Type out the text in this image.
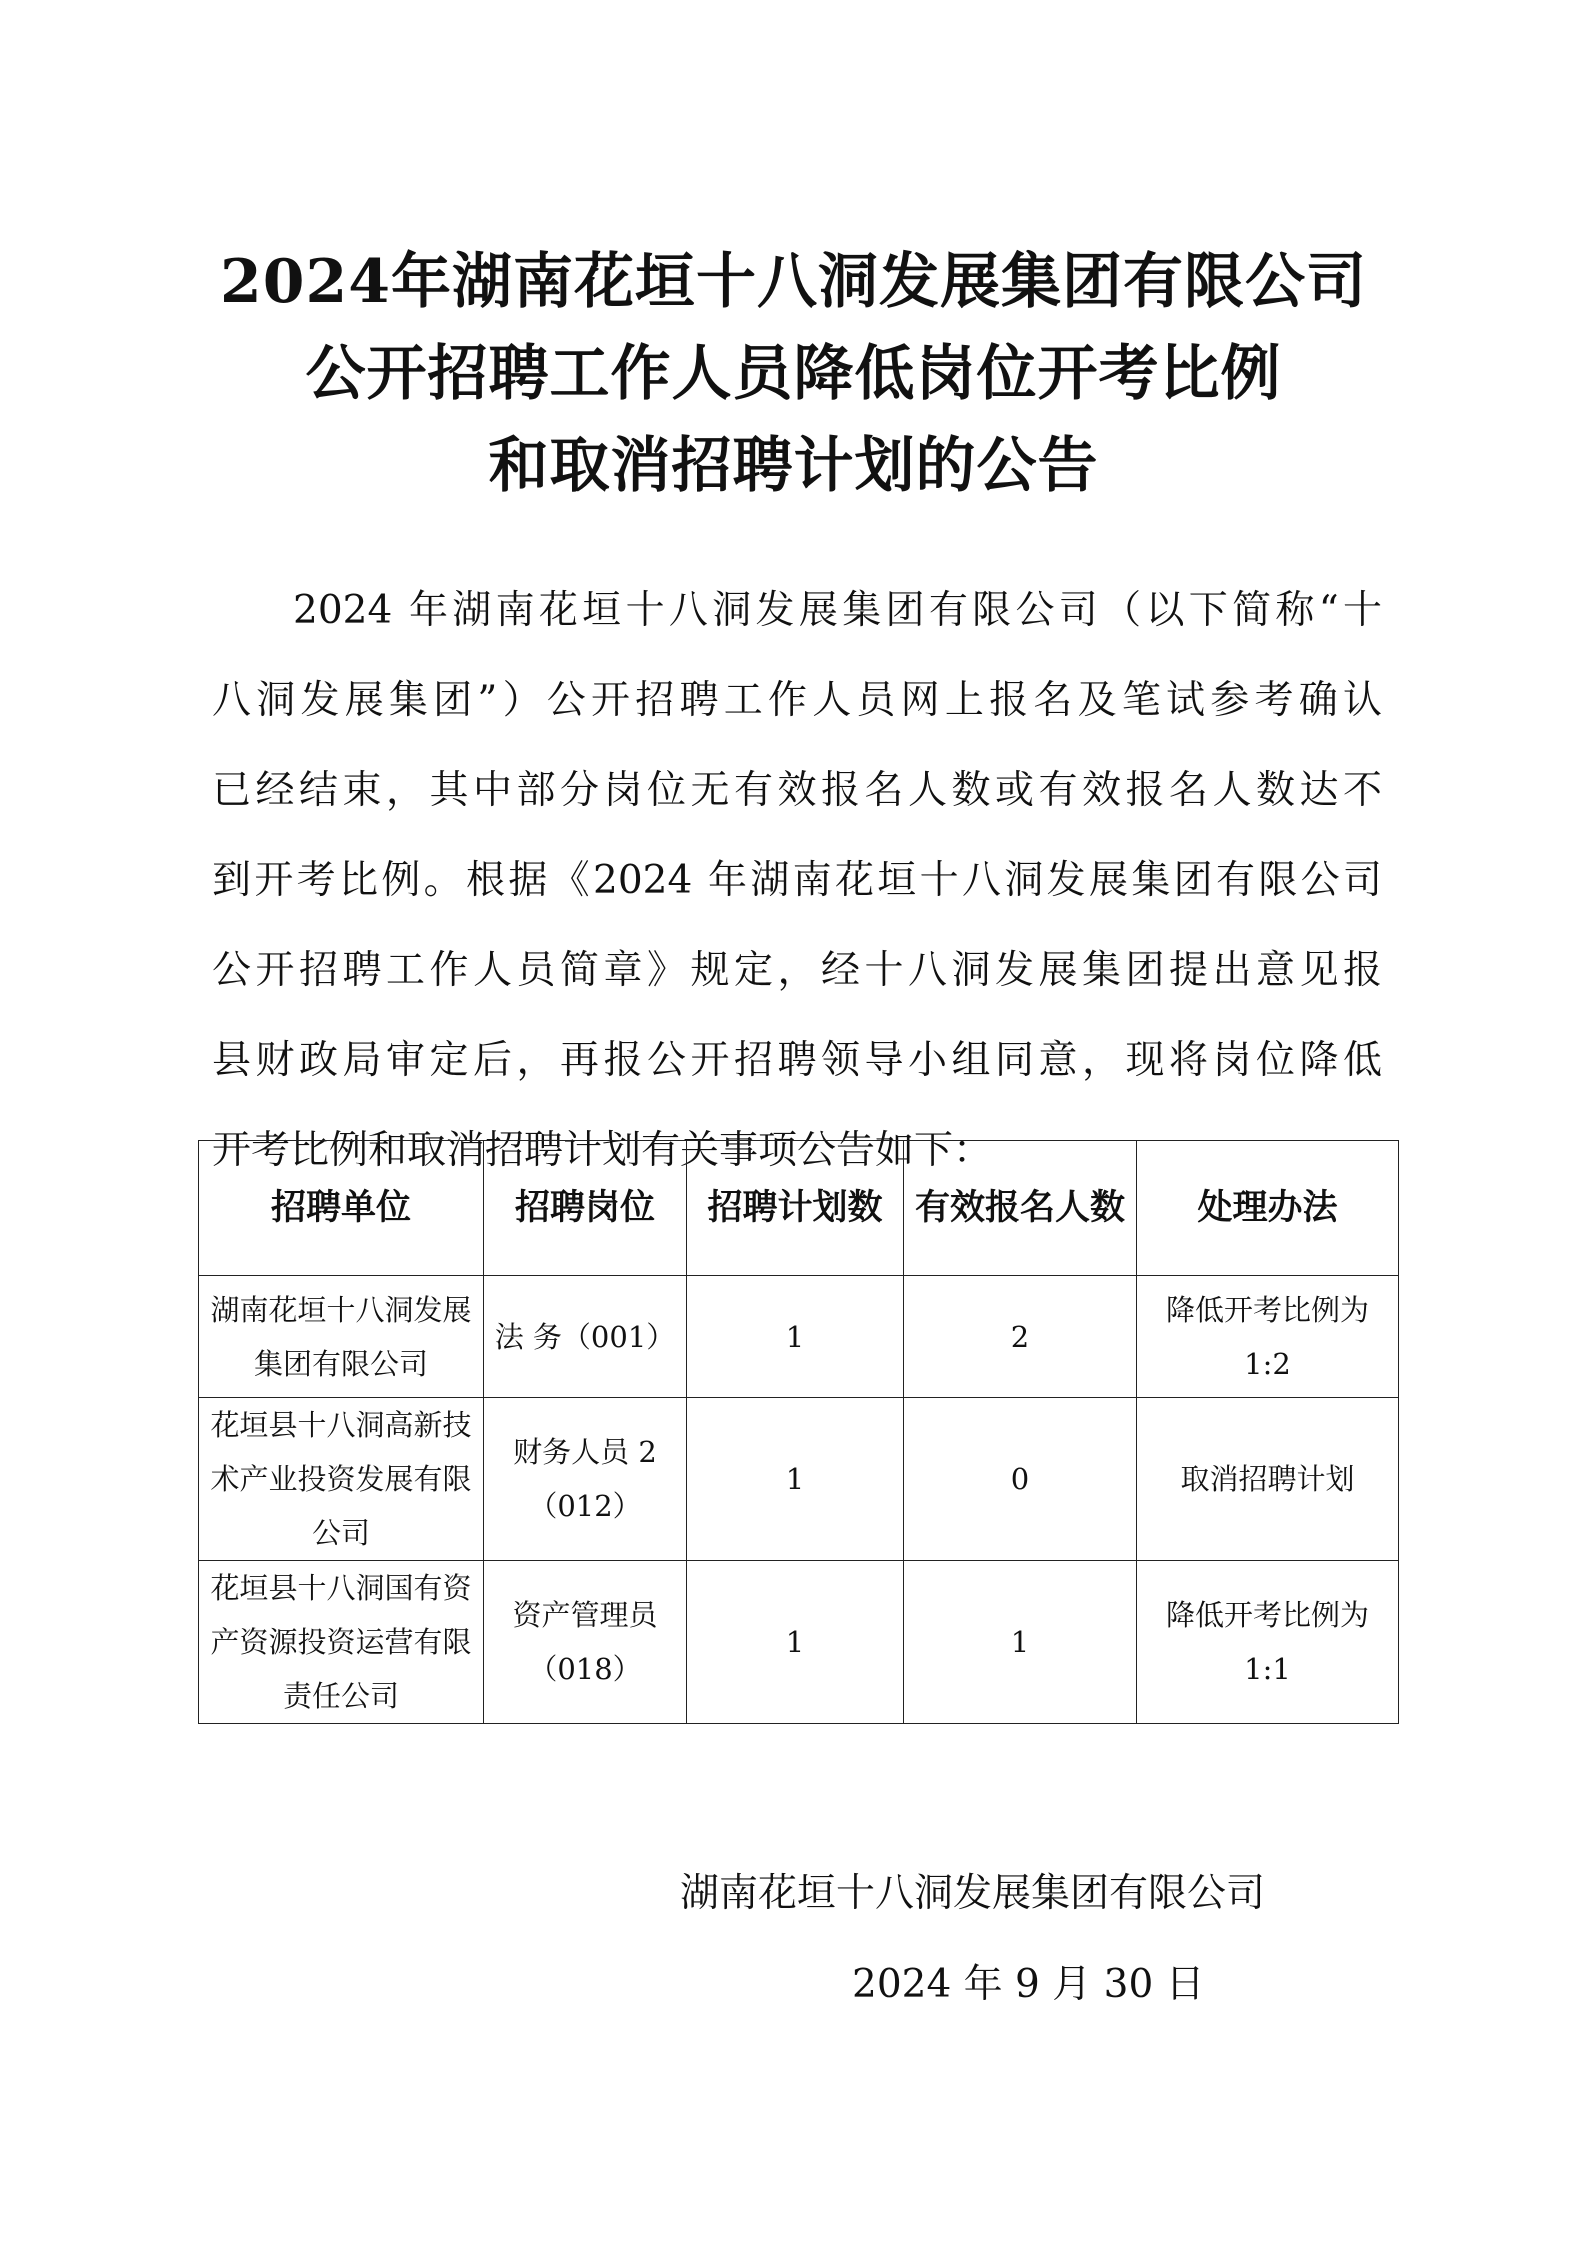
2024年湖南花垣十八洞发展集团有限公司
公开招聘工作人员降低岗位开考比例
和取消招聘计划的公告
2024 年湖南花垣十八洞发展集团有限公司（以下简称“十
八洞发展集团”）公开招聘工作人员网上报名及笔试参考确认
已经结束，其中部分岗位无有效报名人数或有效报名人数达不
到开考比例。根据《2024 年湖南花垣十八洞发展集团有限公司
公开招聘工作人员简章》规定，经十八洞发展集团提出意见报
县财政局审定后，再报公开招聘领导小组同意，现将岗位降低
开考比例和取消招聘计划有关事项公告如下：
招聘单位	招聘岗位	招聘计划数	有效报名人数	处理办法
湖南花垣十八洞发展集团有限公司	法 务（001）	1	2	降低开考比例为1:2
花垣县十八洞高新技术产业投资发展有限公司	财务人员 2（012）	1	0	取消招聘计划
花垣县十八洞国有资产资源投资运营有限责任公司	资产管理员（018）	1	1	降低开考比例为1:1
湖南花垣十八洞发展集团有限公司
2024 年 9 月 30 日
